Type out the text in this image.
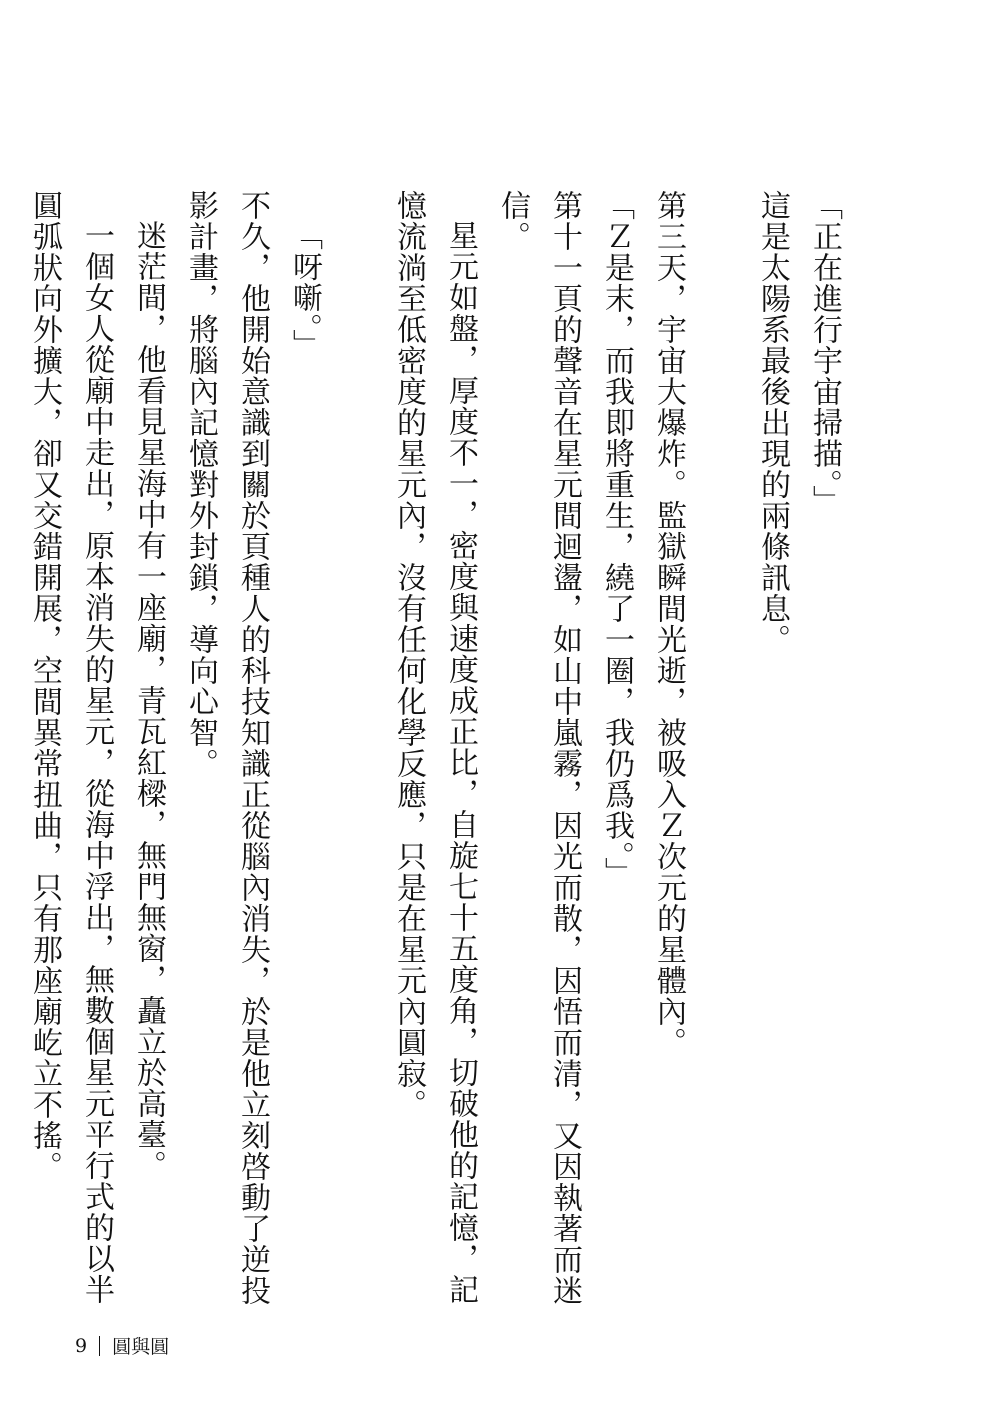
「正在進行宇宙掃描。」

這是太陽系最後出現的兩條訊息。

第三天，宇宙大爆炸。監獄瞬間光逝，被吸入Ｚ次元的星體內。

「Ｚ是末，而我即將重生，繞了一圈，我仍爲我。」

第十一頁的聲音在星元間迴盪，如山中嵐霧，因光而散，因悟而清，又因執著而迷信。

星元如盤，厚度不一，密度與速度成正比，自旋七十五度角，切破他的記憶，記憶流淌至低密度的星元內，沒有任何化學反應，只是在星元內圓寂。

「呀噺。」

不久，他開始意識到關於頁種人的科技知識正從腦內消失，於是他立刻啓動了逆投影計畫，將腦內記憶對外封鎖，導向心智。

迷茫間，他看見星海中有一座廟，青瓦紅樑，無門無窗，矗立於高臺。

一個女人從廟中走出，原本消失的星元，從海中浮出，無數個星元平行式的以半圓弧狀向外擴大，卻又交錯開展，空間異常扭曲，只有那座廟屹立不搖。

9 圓與圓
